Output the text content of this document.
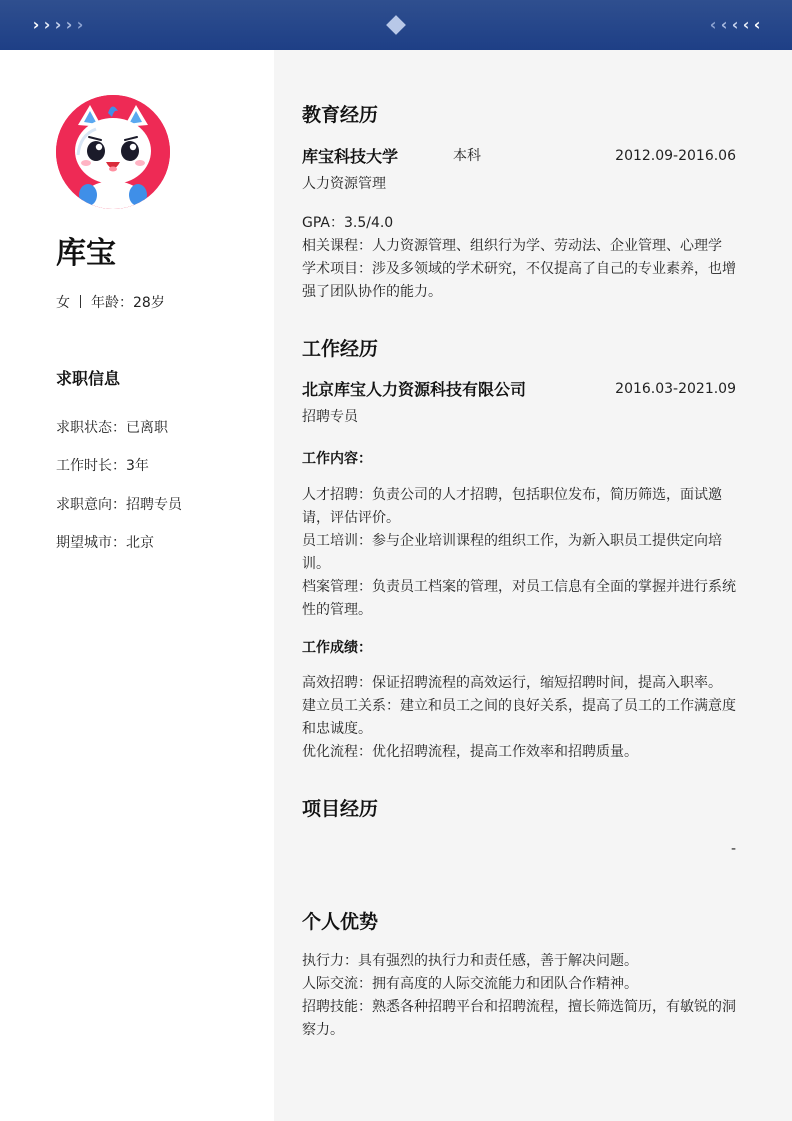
› › › › ›	‹ ‹ ‹ ‹ ‹
库宝
女 年龄：28岁
求职信息
求职状态：已离职
工作时长：3年
求职意向：招聘专员
期望城市：北京
教育经历
库宝科技大学	本科	2012.09-2016.06
人力资源管理
GPA：3.5/4.0
相关课程：人力资源管理、组织行为学、劳动法、企业管理、心理学
学术项目：涉及多领域的学术研究，不仅提高了自己的专业素养，也增强了团队协作的能力。
工作经历
北京库宝人力资源科技有限公司	2016.03-2021.09
招聘专员
工作内容：
人才招聘：负责公司的人才招聘，包括职位发布，简历筛选，面试邀请，评估评价。
员工培训：参与企业培训课程的组织工作，为新入职员工提供定向培训。
档案管理：负责员工档案的管理，对员工信息有全面的掌握并进行系统性的管理。
工作成绩：
高效招聘：保证招聘流程的高效运行，缩短招聘时间，提高入职率。
建立员工关系：建立和员工之间的良好关系，提高了员工的工作满意度和忠诚度。
优化流程：优化招聘流程，提高工作效率和招聘质量。
项目经历
-
个人优势
执行力：具有强烈的执行力和责任感，善于解决问题。
人际交流：拥有高度的人际交流能力和团队合作精神。
招聘技能：熟悉各种招聘平台和招聘流程，擅长筛选简历，有敏锐的洞察力。
